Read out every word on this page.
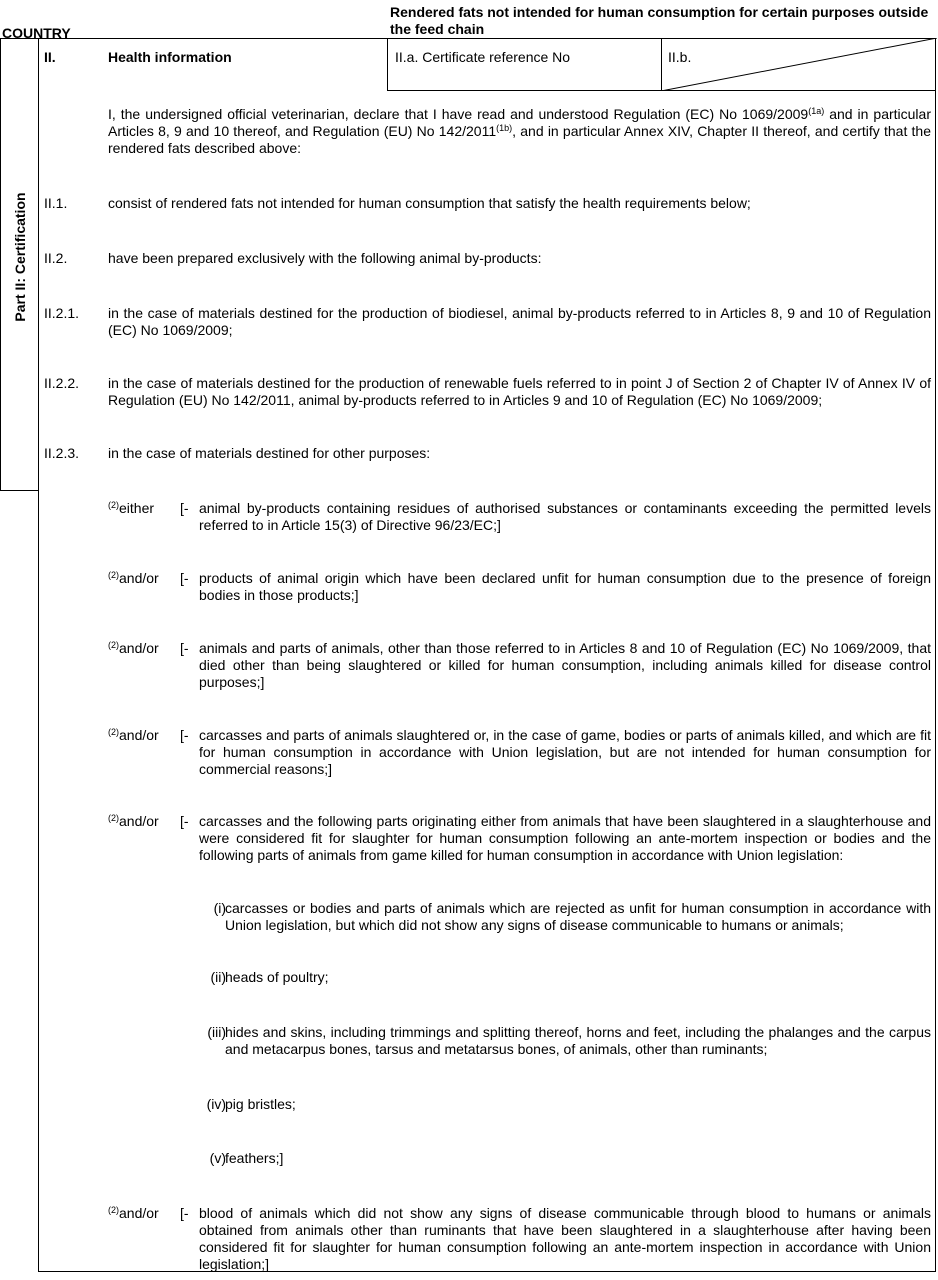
COUNTRY
Rendered fats not intended for human consumption for certain purposes outside the feed chain
Part II: Certification
II.	Health information	II.a. Certificate reference No	II.b.
I, the undersigned official veterinarian, declare that I have read and understood Regulation (EC) No $1069/2009^{(1a)}$ and in particular Articles 8, 9 and 10 thereof, and Regulation (EU) No $142/2011^{(1b)}$, and in particular Annex XIV, Chapter II thereof, and certify that the rendered fats described above:
II.1.	consist of rendered fats not intended for human consumption that satisfy the health requirements below;
II.2.	have been prepared exclusively with the following animal by-products:
II.2.1. in the case of materials destined for the production of biodiesel, animal by-products referred to in Articles 8, 9 and 10 of Regulation (EC) No 1069/2009;
II.2.2. in the case of materials destined for the production of renewable fuels referred to in point J of Section 2 of Chapter IV of Annex IV of Regulation (EU) No 142/2011, animal by-products referred to in Articles 9 and 10 of Regulation (EC) No 1069/2009;
II.2.3. in the case of materials destined for other purposes:
$^{(2)}$either [- animal by-products containing residues of authorised substances or contaminants exceeding the permitted levels referred to in Article 15(3) of Directive 96/23/EC;]
$^{(2)}$and/or [- products of animal origin which have been declared unfit for human consumption due to the presence of foreign bodies in those products;]
$^{(2)}$and/or [- animals and parts of animals, other than those referred to in Articles 8 and 10 of Regulation (EC) No 1069/2009, that died other than being slaughtered or killed for human consumption, including animals killed for disease control purposes;]
$^{(2)}$and/or [- carcasses and parts of animals slaughtered or, in the case of game, bodies or parts of animals killed, and which are fit for human consumption in accordance with Union legislation, but are not intended for human consumption for commercial reasons;]
$^{(2)}$and/or [- carcasses and the following parts originating either from animals that have been slaughtered in a slaughterhouse and were considered fit for slaughter for human consumption following an ante-mortem inspection or bodies and the following parts of animals from game killed for human consumption in accordance with Union legislation:
(i) carcasses or bodies and parts of animals which are rejected as unfit for human consumption in accordance with Union legislation, but which did not show any signs of disease communicable to humans or animals;
(ii) heads of poultry;
(iii) hides and skins, including trimmings and splitting thereof, horns and feet, including the phalanges and the carpus and metacarpus bones, tarsus and metatarsus bones, of animals, other than ruminants;
(iv) pig bristles;
(v) feathers;]
$^{(2)}$and/or [- blood of animals which did not show any signs of disease communicable through blood to humans or animals obtained from animals other than ruminants that have been slaughtered in a slaughterhouse after having been considered fit for slaughter for human consumption following an ante-mortem inspection in accordance with Union legislation;]
